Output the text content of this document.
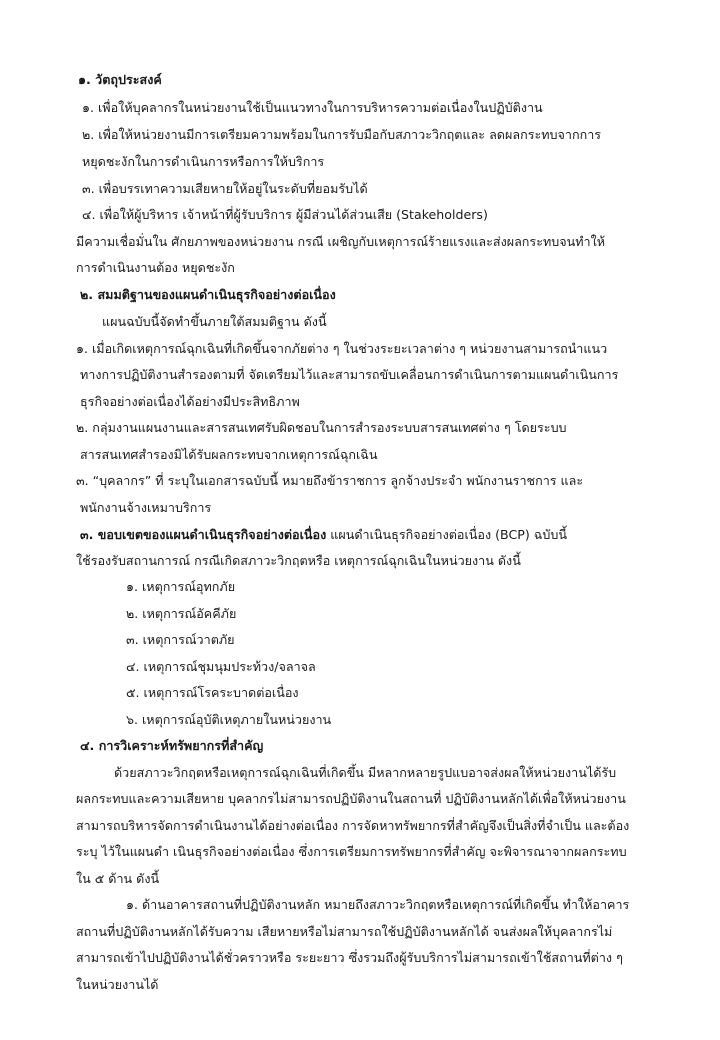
๑. วัตถุประสงค์
๑. เพื่อให้บุคลากรในหน่วยงานใช้เป็นแนวทางในการบริหารความต่อเนื่องในปฏิบัติงาน
๒. เพื่อให้หน่วยงานมีการเตรียมความพร้อมในการรับมือกับสภาวะวิกฤตและ ลดผลกระทบจากการ
หยุดชะงักในการดำเนินการหรือการให้บริการ
๓. เพื่อบรรเทาความเสียหายให้อยู่ในระดับที่ยอมรับได้
๔. เพื่อให้ผู้บริหาร เจ้าหน้าที่ผู้รับบริการ ผู้มีส่วนได้ส่วนเสีย (Stakeholders)
มีความเชื่อมั่นใน ศักยภาพของหน่วยงาน กรณี เผชิญกับเหตุการณ์ร้ายแรงและส่งผลกระทบจนทำให้
การดำเนินงานต้อง หยุดชะงัก
๒. สมมติฐานของแผนดำเนินธุรกิจอย่างต่อเนื่อง
แผนฉบับนี้จัดทำขึ้นภายใต้สมมติฐาน ดังนี้
๑. เมื่อเกิดเหตุการณ์ฉุกเฉินที่เกิดขึ้นจากภัยต่าง ๆ ในช่วงระยะเวลาต่าง ๆ หน่วยงานสามารถนำแนว
ทางการปฏิบัติงานสำรองตามที่ จัดเตรียมไว้และสามารถขับเคลื่อนการดำเนินการตามแผนดำเนินการ
ธุรกิจอย่างต่อเนื่องได้อย่างมีประสิทธิภาพ
๒. กลุ่มงานแผนงานและสารสนเทศรับผิดชอบในการสำรองระบบสารสนเทศต่าง ๆ โดยระบบ
สารสนเทศสำรองมิได้รับผลกระทบจากเหตุการณ์ฉุกเฉิน
๓. “บุคลากร” ที่ ระบุในเอกสารฉบับนี้ หมายถึงข้าราชการ ลูกจ้างประจำ พนักงานราชการ และ
พนักงานจ้างเหมาบริการ
๓. ขอบเขตของแผนดำเนินธุรกิจอย่างต่อเนื่อง แผนดำเนินธุรกิจอย่างต่อเนื่อง (BCP) ฉบับนี้
ใช้รองรับสถานการณ์ กรณีเกิดสภาวะวิกฤตหรือ เหตุการณ์ฉุกเฉินในหน่วยงาน ดังนี้
๑. เหตุการณ์อุทกภัย
๒. เหตุการณ์อัคคีภัย
๓. เหตุการณ์วาตภัย
๔. เหตุการณ์ชุมนุมประท้วง/จลาจล
๕. เหตุการณ์โรคระบาดต่อเนื่อง
๖. เหตุการณ์อุบัติเหตุภายในหน่วยงาน
๔. การวิเคราะห์ทรัพยากรที่สำคัญ
ด้วยสภาวะวิกฤตหรือเหตุการณ์ฉุกเฉินที่เกิดขึ้น มีหลากหลายรูปแบอาจส่งผลให้หน่วยงานได้รับ
ผลกระทบและความเสียหาย บุคลากรไม่สามารถปฏิบัติงานในสถานที่ ปฏิบัติงานหลักได้เพื่อให้หน่วยงาน
สามารถบริหารจัดการดำเนินงานได้อย่างต่อเนื่อง การจัดหาทรัพยากรที่สำคัญจึงเป็นสิ่งที่จำเป็น และต้อง
ระบุ ไว้ในแผนดำ เนินธุรกิจอย่างต่อเนื่อง ซึ่งการเตรียมการทรัพยากรที่สำคัญ จะพิจารณาจากผลกระทบ
ใน ๕ ด้าน ดังนี้
๑. ด้านอาคารสถานที่ปฏิบัติงานหลัก หมายถึงสภาวะวิกฤตหรือเหตุการณ์ที่เกิดขึ้น ทำให้อาคาร
สถานที่ปฏิบัติงานหลักได้รับความ เสียหายหรือไม่สามารถใช้ปฏิบัติงานหลักได้ จนส่งผลให้บุคลากรไม่
สามารถเข้าไปปฏิบัติงานได้ชั่วคราวหรือ ระยะยาว ซึ่งรวมถึงผู้รับบริการไม่สามารถเข้าใช้สถานที่ต่าง ๆ
ในหน่วยงานได้
